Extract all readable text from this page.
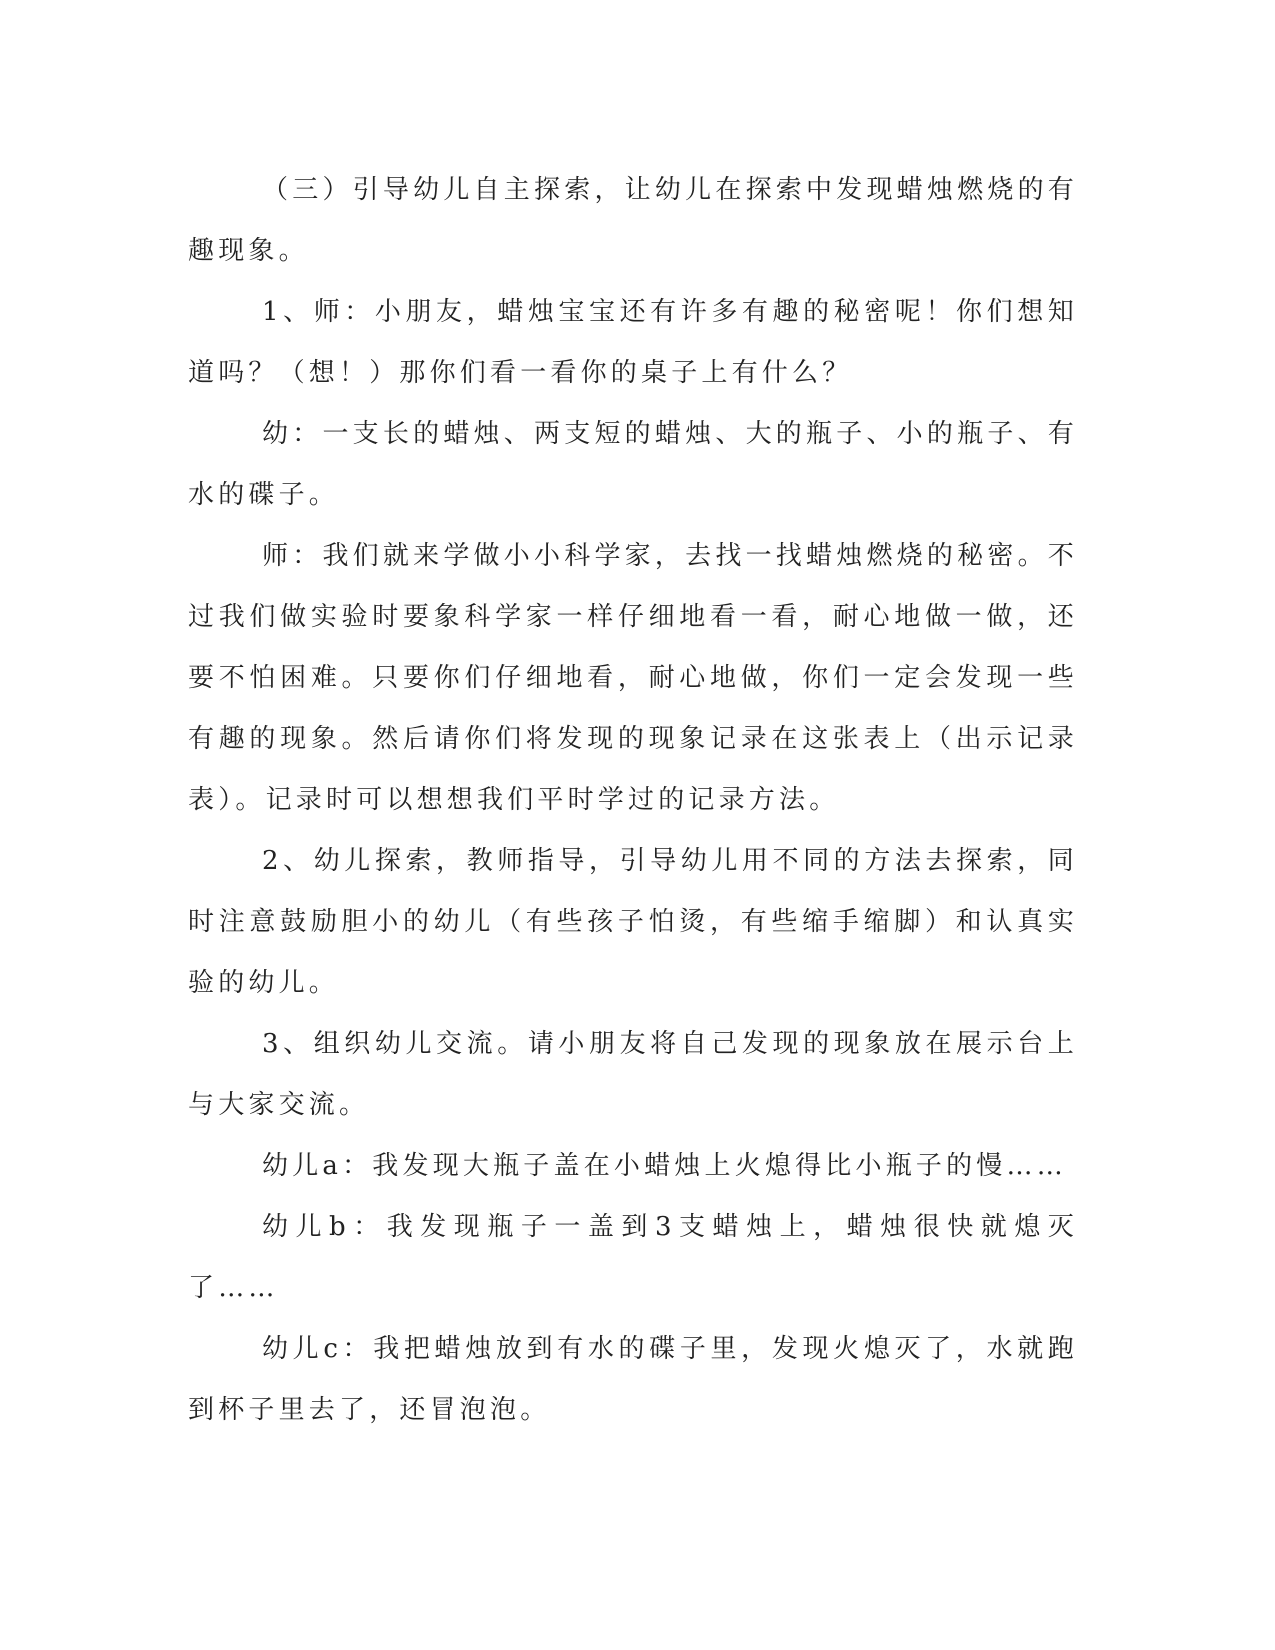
（三）引导幼儿自主探索，让幼儿在探索中发现蜡烛燃烧的有趣现象。

1、师：小朋友，蜡烛宝宝还有许多有趣的秘密呢！你们想知道吗？（想！）那你们看一看你的桌子上有什么？

幼：一支长的蜡烛、两支短的蜡烛、大的瓶子、小的瓶子、有水的碟子。

师：我们就来学做小小科学家，去找一找蜡烛燃烧的秘密。不过我们做实验时要象科学家一样仔细地看一看，耐心地做一做，还要不怕困难。只要你们仔细地看，耐心地做，你们一定会发现一些有趣的现象。然后请你们将发现的现象记录在这张表上（出示记录表）。记录时可以想想我们平时学过的记录方法。

2、幼儿探索，教师指导，引导幼儿用不同的方法去探索，同时注意鼓励胆小的幼儿（有些孩子怕烫，有些缩手缩脚）和认真实验的幼儿。

3、组织幼儿交流。请小朋友将自己发现的现象放在展示台上与大家交流。

幼儿a：我发现大瓶子盖在小蜡烛上火熄得比小瓶子的慢……

幼儿b：我发现瓶子一盖到3支蜡烛上，蜡烛很快就熄灭了……

幼儿c：我把蜡烛放到有水的碟子里，发现火熄灭了，水就跑到杯子里去了，还冒泡泡。
